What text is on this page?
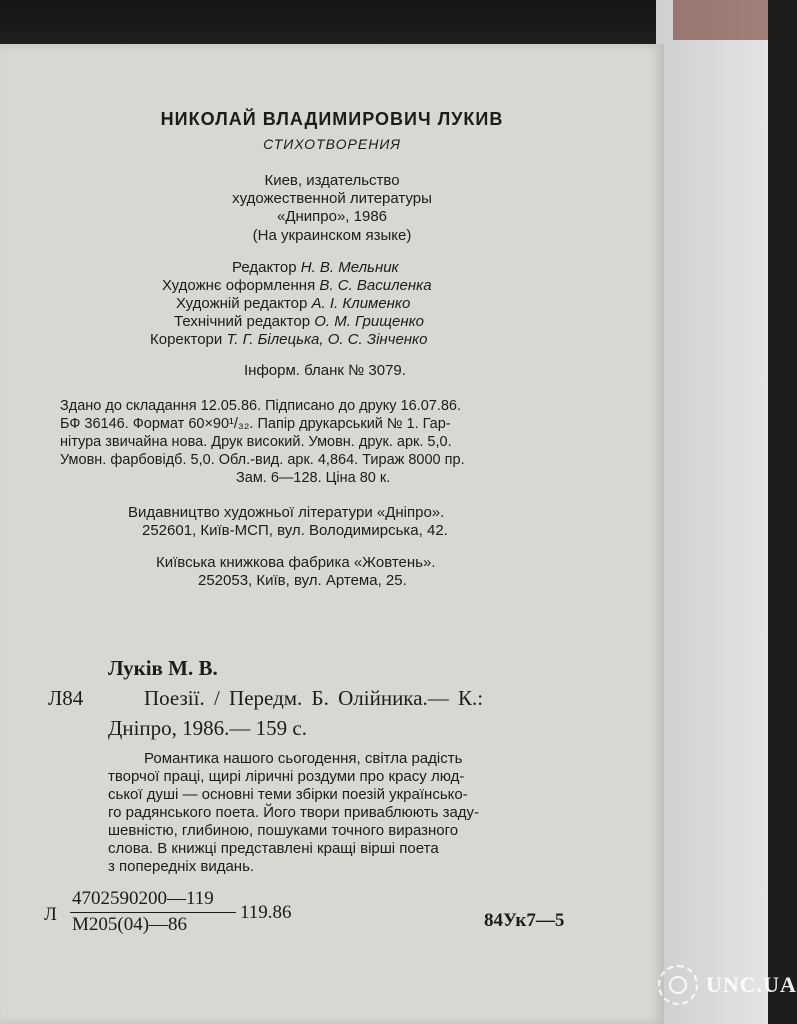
НИКОЛАЙ ВЛАДИМИРОВИЧ ЛУКИВ
СТИХОТВОРЕНИЯ
Киев, издательство
художественной литературы
«Днипро», 1986
(На украинском языке)
Редактор Н. В. Мельник
Художнє оформлення В. С. Василенка
Художній редактор А. І. Клименко
Технічний редактор О. М. Грищенко
Коректори Т. Г. Білецька, О. С. Зінченко
Інформ. бланк № 3079.
Здано до складання 12.05.86. Підписано до друку 16.07.86.
БФ 36146. Формат 60×90¹/₃₂. Папір друкарський № 1. Гар-
нітура звичайна нова. Друк високий. Умовн. друк. арк. 5,0.
Умовн. фарбовідб. 5,0. Обл.-вид. арк. 4,864. Тираж 8000 пр.
Зам. 6—128. Ціна 80 к.
Видавництво художньої літератури «Дніпро».
252601, Київ-МСП, вул. Володимирська, 42.
Київська книжкова фабрика «Жовтень».
252053, Київ, вул. Артема, 25.
Луків М. В.
Л84	Поезії. / Передм. Б. Олійника.— К.:
Дніпро, 1986.— 159 с.
Романтика нашого сьогодення, світла радість
творчої праці, щирі ліричні роздуми про красу люд-
ської душі — основні теми збірки поезій українсько-
го радянського поета. Його твори приваблюють заду-
шевністю, глибиною, пошуками точного виразного
слова. В книжці представлені кращі вірші поета
з попередніх видань.
Л
4702590200—119
М205(04)—86
119.86	84Ук7—5
UNC.UA
